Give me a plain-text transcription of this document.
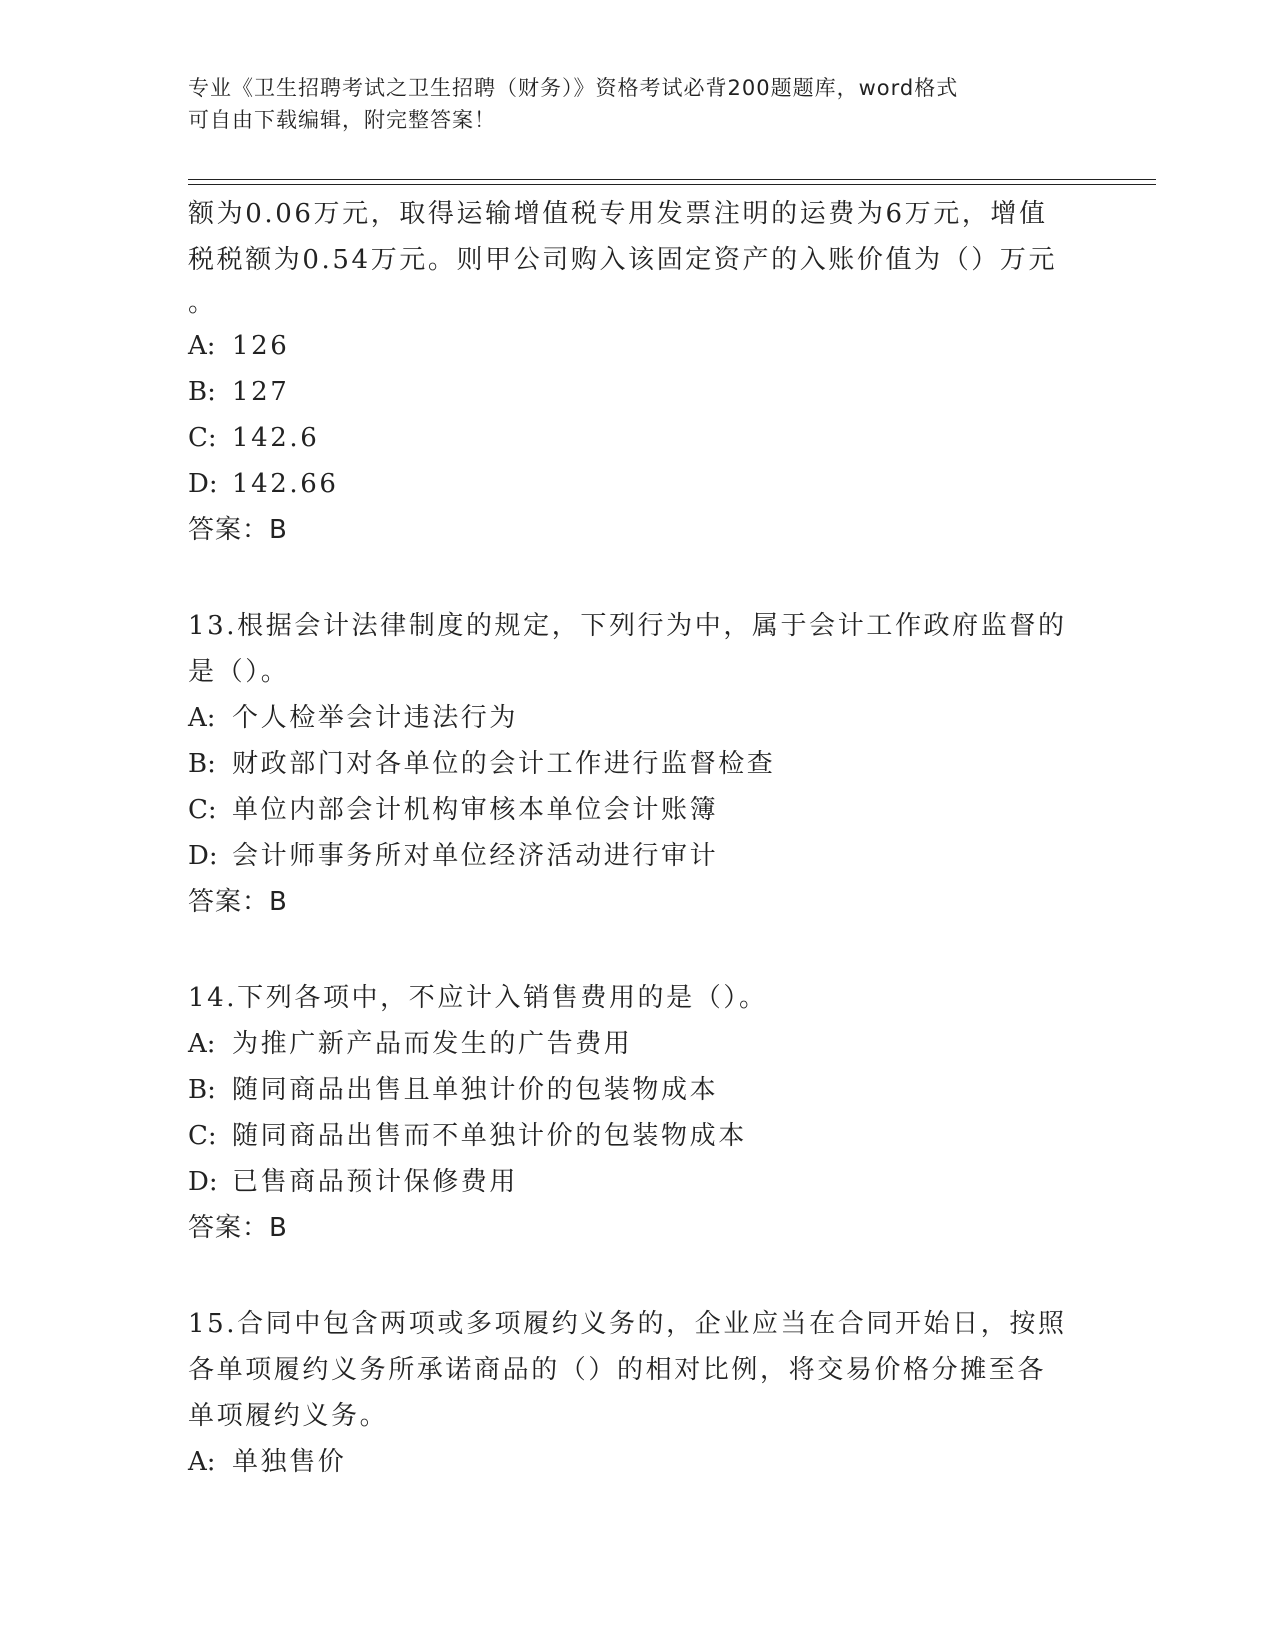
专业《卫生招聘考试之卫生招聘（财务）》资格考试必背200题题库，word格式
可自由下载编辑，附完整答案！
额为0.06万元，取得运输增值税专用发票注明的运费为6万元，增值
税税额为0.54万元。则甲公司购入该固定资产的入账价值为（）万元
。
A: 126
B: 127
C: 142.6
D: 142.66
答案：B
13.根据会计法律制度的规定，下列行为中，属于会计工作政府监督的
是（）。
A: 个人检举会计违法行为
B: 财政部门对各单位的会计工作进行监督检查
C: 单位内部会计机构审核本单位会计账簿
D: 会计师事务所对单位经济活动进行审计
答案：B
14.下列各项中，不应计入销售费用的是（）。
A: 为推广新产品而发生的广告费用
B: 随同商品出售且单独计价的包装物成本
C: 随同商品出售而不单独计价的包装物成本
D: 已售商品预计保修费用
答案：B
15.合同中包含两项或多项履约义务的，企业应当在合同开始日，按照
各单项履约义务所承诺商品的（）的相对比例，将交易价格分摊至各
单项履约义务。
A: 单独售价
